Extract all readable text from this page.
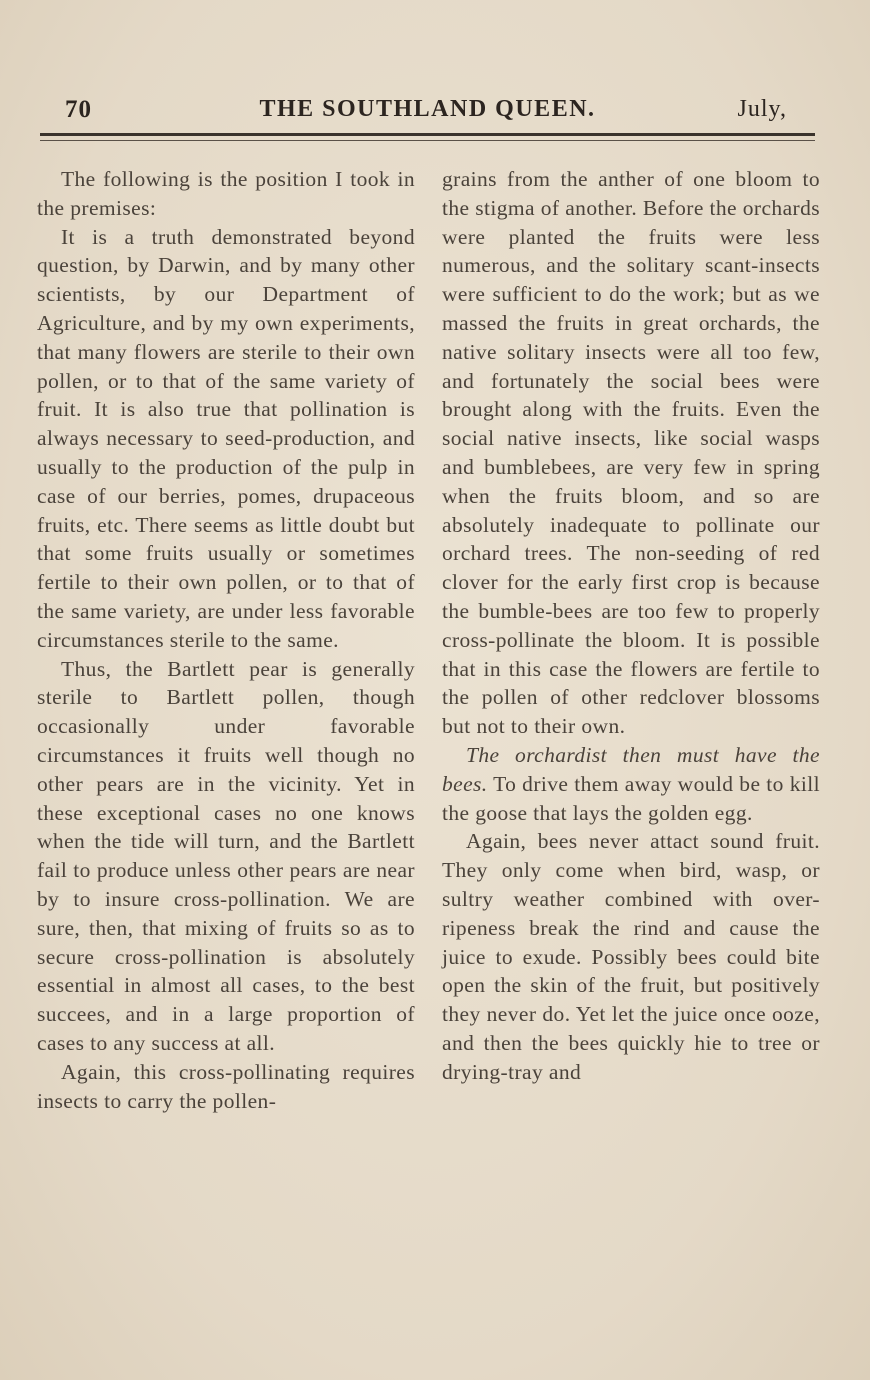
70	THE SOUTHLAND QUEEN.	July,

The following is the position I took in the premises:

It is a truth demonstrated beyond question, by Darwin, and by many other scientists, by our Department of Agriculture, and by my own experiments, that many flowers are sterile to their own pollen, or to that of the same variety of fruit. It is also true that pollination is always necessary to seed-production, and usually to the production of the pulp in case of our berries, pomes, drupaceous fruits, etc. There seems as little doubt but that some fruits usually or sometimes fertile to their own pollen, or to that of the same variety, are under less favorable circumstances sterile to the same.

Thus, the Bartlett pear is generally sterile to Bartlett pollen, though occasionally under favorable circumstances it fruits well though no other pears are in the vicinity. Yet in these exceptional cases no one knows when the tide will turn, and the Bartlett fail to produce unless other pears are near by to insure cross-pollination. We are sure, then, that mixing of fruits so as to secure cross-pollination is absolutely essential in almost all cases, to the best succees, and in a large proportion of cases to any success at all.

Again, this cross-pollinating requires insects to carry the pollen-

grains from the anther of one bloom to the stigma of another. Before the orchards were planted the fruits were less numerous, and the solitary scant-insects were sufficient to do the work; but as we massed the fruits in great orchards, the native solitary insects were all too few, and fortunately the social bees were brought along with the fruits. Even the social native insects, like social wasps and bumblebees, are very few in spring when the fruits bloom, and so are absolutely inadequate to pollinate our orchard trees. The non-seeding of red clover for the early first crop is because the bumble-bees are too few to properly cross-pollinate the bloom. It is possible that in this case the flowers are fertile to the pollen of other redclover blossoms but not to their own.

The orchardist then must have the bees. To drive them away would be to kill the goose that lays the golden egg.

Again, bees never attact sound fruit. They only come when bird, wasp, or sultry weather combined with over-ripeness break the rind and cause the juice to exude. Possibly bees could bite open the skin of the fruit, but positively they never do. Yet let the juice once ooze, and then the bees quickly hie to tree or drying-tray and
